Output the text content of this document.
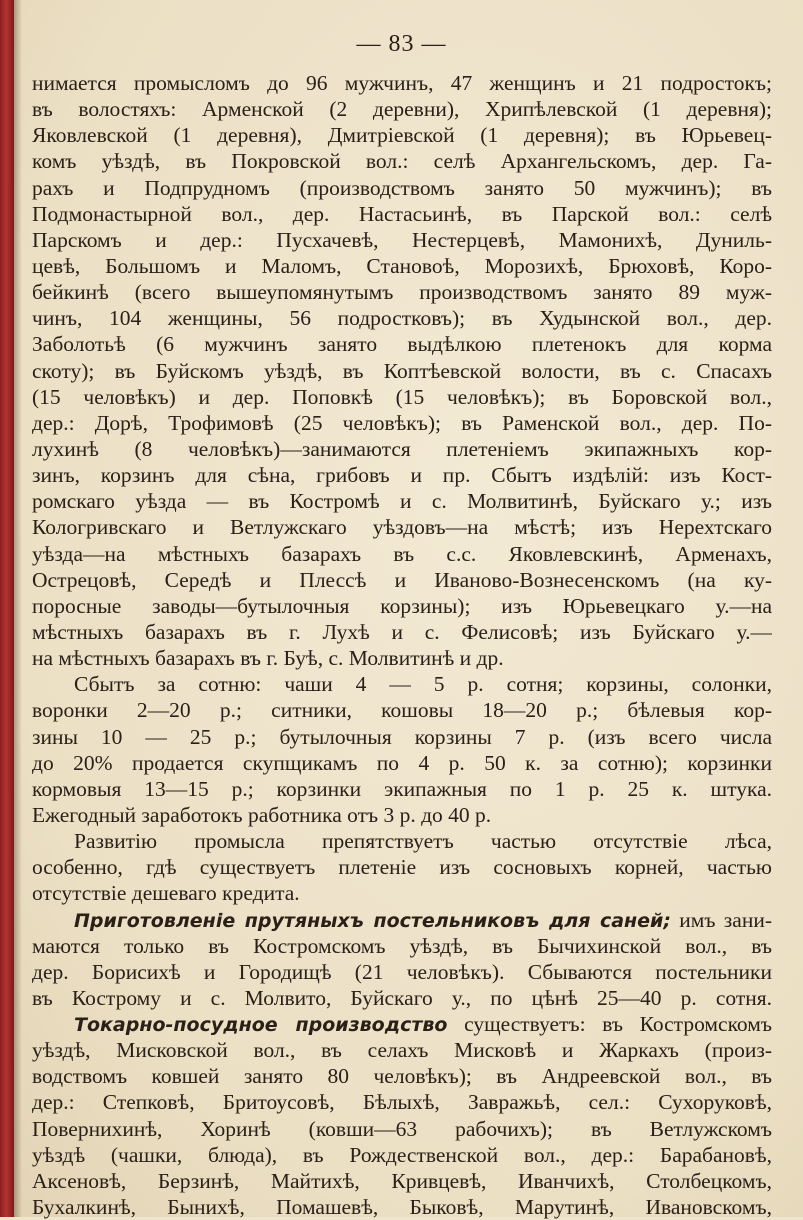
— 83 —
нимается промысломъ до 96 мужчинъ, 47 женщинъ и 21 подростокъ;
въ волостяхъ: Арменской (2 деревни), Хрипѣлевской (1 деревня);
Яковлевской (1 деревня), Дмитріевской (1 деревня); въ Юрьевец-
комъ уѣздѣ, въ Покровской вол.: селѣ Архангельскомъ, дер. Га-
рахъ и Подпрудномъ (производствомъ занято 50 мужчинъ); въ
Подмонастырной вол., дер. Настасьинѣ, въ Парской вол.: селѣ
Парскомъ и дер.: Пусхачевѣ, Нестерцевѣ, Мамонихѣ, Дуниль-
цевѣ, Большомъ и Маломъ, Становоѣ, Морозихѣ, Брюховѣ, Коро-
бейкинѣ (всего вышеупомянутымъ производствомъ занято 89 муж-
чинъ, 104 женщины, 56 подростковъ); въ Худынской вол., дер.
Заболотьѣ (6 мужчинъ занято выдѣлкою плетенокъ для корма
скоту); въ Буйскомъ уѣздѣ, въ Коптѣевской волости, въ с. Спасахъ
(15 человѣкъ) и дер. Поповкѣ (15 человѣкъ); въ Боровской вол.,
дер.: Дорѣ, Трофимовѣ (25 человѣкъ); въ Раменской вол., дер. По-
лухинѣ (8 человѣкъ)—занимаются плетеніемъ экипажныхъ кор-
зинъ, корзинъ для сѣна, грибовъ и пр. Сбытъ издѣлій: изъ Кост-
ромскаго уѣзда — въ Костромѣ и с. Молвитинѣ, Буйскаго у.; изъ
Кологривскаго и Ветлужскаго уѣздовъ—на мѣстѣ; изъ Нерехтскаго
уѣзда—на мѣстныхъ базарахъ въ с.с. Яковлевскинѣ, Арменахъ,
Острецовѣ, Середѣ и Плессѣ и Иваново-Вознесенскомъ (на ку-
поросные заводы—бутылочныя корзины); изъ Юрьевецкаго у.—на
мѣстныхъ базарахъ въ г. Лухѣ и с. Фелисовѣ; изъ Буйскаго у.—
на мѣстныхъ базарахъ въ г. Буѣ, с. Молвитинѣ и др.
Сбытъ за сотню: чаши 4 — 5 р. сотня; корзины, солонки,
воронки 2—20 р.; ситники, кошовы 18—20 р.; бѣлевыя кор-
зины 10 — 25 р.; бутылочныя корзины 7 р. (изъ всего числа
до 20% продается скупщикамъ по 4 р. 50 к. за сотню); корзинки
кормовыя 13—15 р.; корзинки экипажныя по 1 р. 25 к. штука.
Ежегодный заработокъ работника отъ 3 р. до 40 р.
Развитію промысла препятствуетъ частью отсутствіе лѣса,
особенно, гдѣ существуетъ плетеніе изъ сосновыхъ корней, частью
отсутствіе дешеваго кредита.
Приготовленіе прутяныхъ постельниковъ для саней; имъ зани-
маются только въ Костромскомъ уѣздѣ, въ Бычихинской вол., въ
дер. Борисихѣ и Городищѣ (21 человѣкъ). Сбываются постельники
въ Кострому и с. Молвито, Буйскаго у., по цѣнѣ 25—40 р. сотня.
Токарно-посудное производство существуетъ: въ Костромскомъ
уѣздѣ, Мисковской вол., въ селахъ Мисковѣ и Жаркахъ (произ-
водствомъ ковшей занято 80 человѣкъ); въ Андреевской вол., въ
дер.: Степковѣ, Бритоусовѣ, Бѣлыхѣ, Завражьѣ, сел.: Сухоруковѣ,
Повернихинѣ, Хоринѣ (ковши—63 рабочихъ); въ Ветлужскомъ
уѣздѣ (чашки, блюда), въ Рождественской вол., дер.: Барабановѣ,
Аксеновѣ, Берзинѣ, Майтихѣ, Кривцевѣ, Иванчихѣ, Столбецкомъ,
Бухалкинѣ, Бынихѣ, Помашевѣ, Быковѣ, Марутинѣ, Ивановскомъ,
